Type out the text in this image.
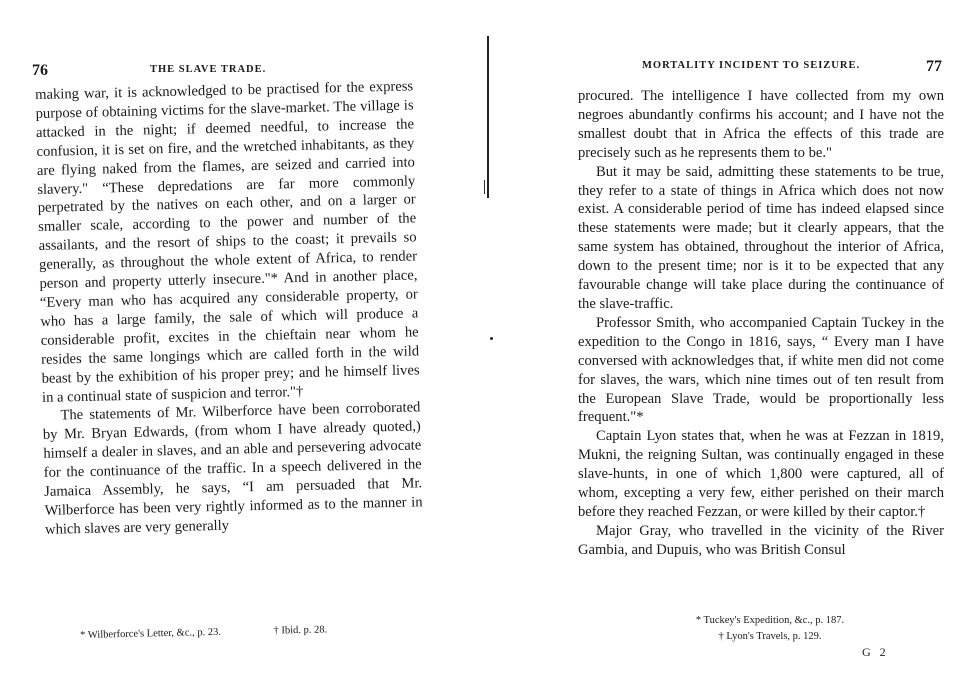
76	THE SLAVE TRADE.

making war, it is acknowledged to be practised for the express purpose of obtaining victims for the slave-market. The village is attacked in the night; if deemed needful, to increase the confusion, it is set on fire, and the wretched inhabitants, as they are flying naked from the flames, are seized and carried into slavery." “These depredations are far more commonly perpetrated by the natives on each other, and on a larger or smaller scale, according to the power and number of the assailants, and the resort of ships to the coast; it prevails so generally, as throughout the whole extent of Africa, to render person and property utterly insecure."* And in another place, “Every man who has acquired any considerable property, or who has a large family, the sale of which will produce a considerable profit, excites in the chieftain near whom he resides the same longings which are called forth in the wild beast by the exhibition of his proper prey; and he himself lives in a continual state of suspicion and terror."†

The statements of Mr. Wilberforce have been corroborated by Mr. Bryan Edwards, (from whom I have already quoted,) himself a dealer in slaves, and an able and persevering advocate for the continuance of the traffic. In a speech delivered in the Jamaica Assembly, he says, “I am persuaded that Mr. Wilberforce has been very rightly informed as to the manner in which slaves are very generally

* Wilberforce's Letter, &c., p. 23.	† Ibid. p. 28.
MORTALITY INCIDENT TO SEIZURE.	77

procured. The intelligence I have collected from my own negroes abundantly confirms his account; and I have not the smallest doubt that in Africa the effects of this trade are precisely such as he represents them to be."

But it may be said, admitting these statements to be true, they refer to a state of things in Africa which does not now exist. A considerable period of time has indeed elapsed since these statements were made; but it clearly appears, that the same system has obtained, throughout the interior of Africa, down to the present time; nor is it to be expected that any favourable change will take place during the continuance of the slave-traffic.

Professor Smith, who accompanied Captain Tuckey in the expedition to the Congo in 1816, says, “ Every man I have conversed with acknowledges that, if white men did not come for slaves, the wars, which nine times out of ten result from the European Slave Trade, would be proportionally less frequent."*

Captain Lyon states that, when he was at Fezzan in 1819, Mukni, the reigning Sultan, was continually engaged in these slave-hunts, in one of which 1,800 were captured, all of whom, excepting a very few, either perished on their march before they reached Fezzan, or were killed by their captor.†

Major Gray, who travelled in the vicinity of the River Gambia, and Dupuis, who was British Consul

* Tuckey's Expedition, &c., p. 187.
† Lyon's Travels, p. 129.
G 2
